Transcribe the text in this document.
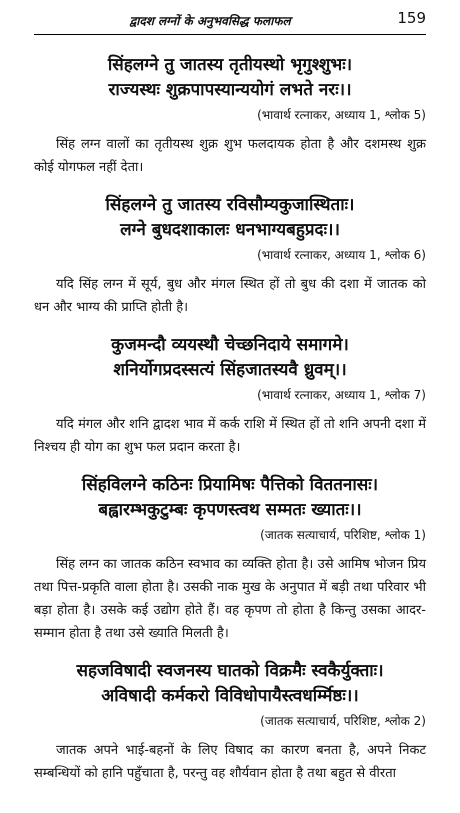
द्वादश लग्नों के अनुभवसिद्ध फलाफल	159
सिंहलग्ने तु जातस्य तृतीयस्थो भृगुश्शुभः।
राज्यस्थः शुक्रपापस्यान्ययोगं लभते नरः।।
(भावार्थ रत्नाकर, अध्याय 1, श्लोक 5)

सिंह लग्न वालों का तृतीयस्थ शुक्र शुभ फलदायक होता है और दशमस्थ शुक्र कोई योगफल नहीं देता।

सिंहलग्ने तु जातस्य रविसौम्यकुजास्थिताः।
लग्ने बुधदशाकालः धनभाग्यबहुप्रदः।।
(भावार्थ रत्नाकर, अध्याय 1, श्लोक 6)

यदि सिंह लग्न में सूर्य, बुध और मंगल स्थित हों तो बुध की दशा में जातक को धन और भाग्य की प्राप्ति होती है।

कुजमन्दौ व्ययस्थौ चेच्छनिदाये समागमे।
शनिर्योगप्रदस्सत्यं सिंहजातस्यवै ध्रुवम्।।
(भावार्थ रत्नाकर, अध्याय 1, श्लोक 7)

यदि मंगल और शनि द्वादश भाव में कर्क राशि में स्थित हों तो शनि अपनी दशा में निश्चय ही योग का शुभ फल प्रदान करता है।

सिंहविलग्ने कठिनः प्रियामिषः पैत्तिको विततनासः।
बह्वारम्भकुटुम्बः कृपणस्त्वथ सम्मतः ख्यातः।।
(जातक सत्याचार्य, परिशिष्ट, श्लोक 1)

सिंह लग्न का जातक कठिन स्वभाव का व्यक्ति होता है। उसे आमिष भोजन प्रिय तथा पित्त-प्रकृति वाला होता है। उसकी नाक मुख के अनुपात में बड़ी तथा परिवार भी बड़ा होता है। उसके कई उद्योग होते हैं। वह कृपण तो होता है किन्तु उसका आदर-सम्मान होता है तथा उसे ख्याति मिलती है।

सहजविषादी स्वजनस्य घातको विक्रमैः स्वकैर्युक्ताः।
अविषादी कर्मकरो विविधोपायैस्त्वधर्म्मिष्ठः।।
(जातक सत्याचार्य, परिशिष्ट, श्लोक 2)

जातक अपने भाई-बहनों के लिए विषाद का कारण बनता है, अपने निकट सम्बन्धियों को हानि पहुँचाता है, परन्तु वह शौर्यवान होता है तथा बहुत से वीरता
